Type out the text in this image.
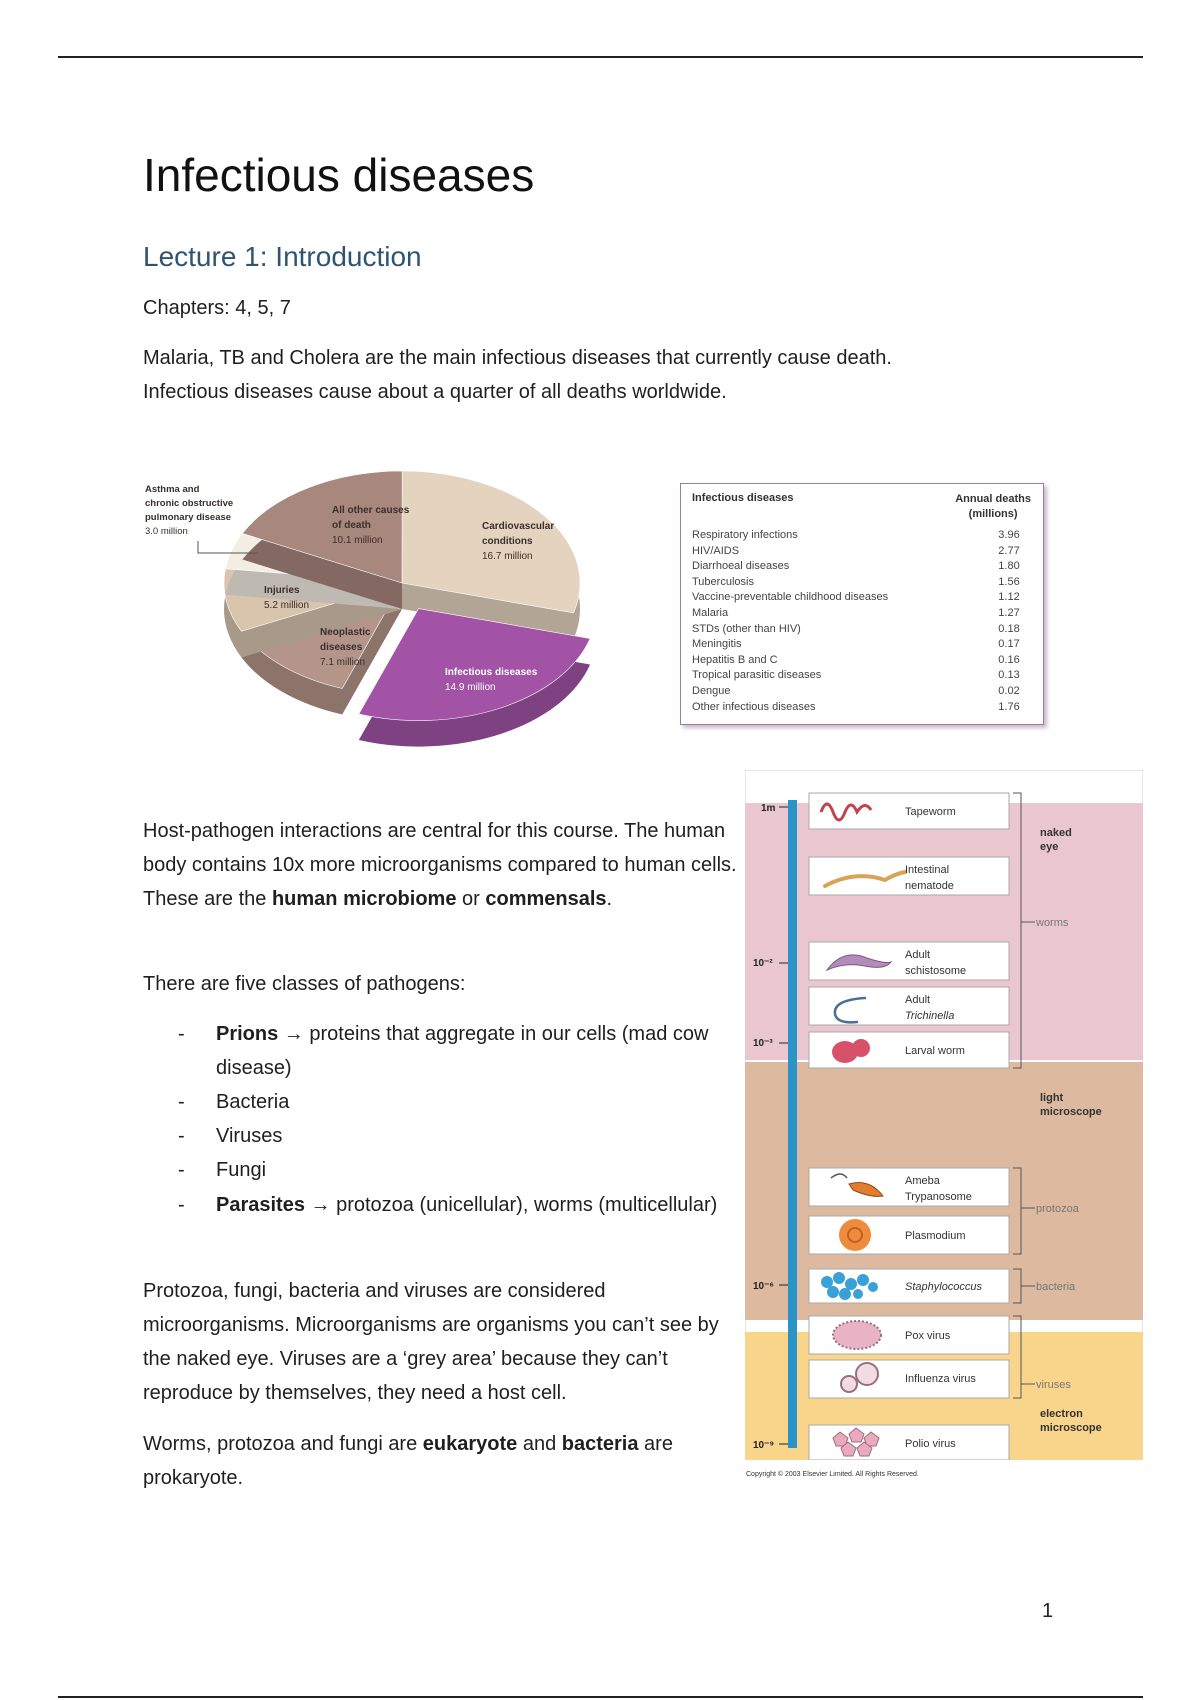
Infectious diseases
Lecture 1: Introduction

Chapters: 4, 5, 7

Malaria, TB and Cholera are the main infectious diseases that currently cause death.
Infectious diseases cause about a quarter of all deaths worldwide.
Asthma and chronic obstructive pulmonary disease 3.0 million
All other causes of death 10.1 million
Cardiovascular conditions 16.7 million
Injuries 5.2 million
Neoplastic diseases 7.1 million
Infectious diseases 14.9 million
Infectious diseases	Annual deaths
(millions)
Respiratory infections	3.96
HIV/AIDS	2.77
Diarrhoeal diseases	1.80
Tuberculosis	1.56
Vaccine-preventable childhood diseases	1.12
Malaria	1.27
STDs (other than HIV)	0.18
Meningitis	0.17
Hepatitis B and C	0.16
Tropical parasitic diseases	0.13
Dengue	0.02
Other infectious diseases	1.76

Host-pathogen interactions are central for this course. The human body contains 10x more microorganisms compared to human cells. These are the human microbiome or commensals.

There are five classes of pathogens:

- Prions → proteins that aggregate in our cells (mad cow disease)
- Bacteria
- Viruses
- Fungi
- Parasites → protozoa (unicellular), worms (multicellular)

Protozoa, fungi, bacteria and viruses are considered microorganisms. Microorganisms are organisms you can’t see by the naked eye. Viruses are a ‘grey area’ because they can’t reproduce by themselves, they need a host cell.

Worms, protozoa and fungi are eukaryote and bacteria are prokaryote.

1m
10⁻²
10⁻³
10⁻⁶
10⁻⁹
Tapeworm
Intestinal
nematode
Adult
schistosome
Adult
Trichinella
Larval worm
Ameba
Trypanosome
Plasmodium
Staphylococcus
Pox virus
Influenza virus
Polio virus
worms
protozoa
bacteria
viruses
naked
eye
light
microscope
electron
microscope
Copyright © 2003 Elsevier Limited. All Rights Reserved.
1
